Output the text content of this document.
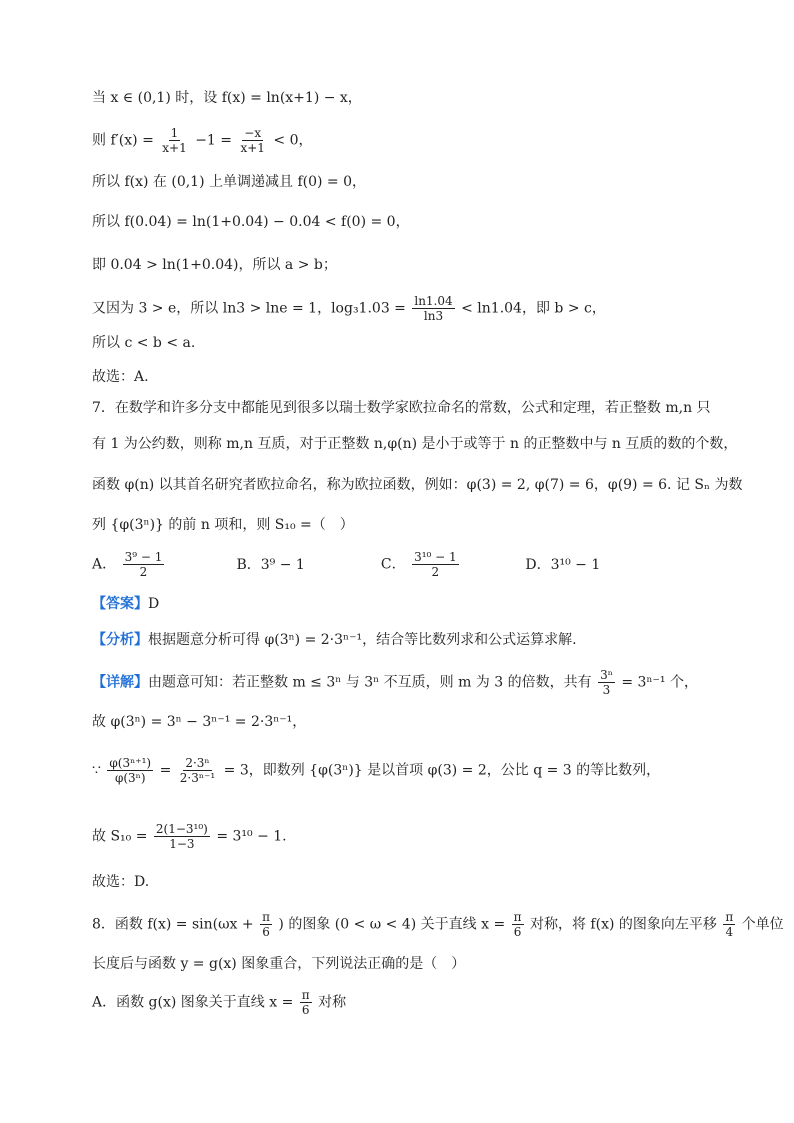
当 x ∈ (0,1) 时，设 f(x) = ln(x+1) − x，
则 $f'(x) = \frac{1}{x+1} -1 = \frac{-x}{x+1} < 0$，
所以 f(x) 在 (0,1) 上单调递减且 f(0) = 0，
所以 f(0.04) = ln(1+0.04) − 0.04 < f(0) = 0，
即 0.04 > ln(1+0.04)，所以 a > b；
又因为 3 > e，所以 ln3 > lne = 1，$\log_31.03 = \frac{\ln 1.04}{\ln 3} < \ln 1.04$，即 b > c，
所以 c < b < a.
故选：A.
7．在数学和许多分支中都能见到很多以瑞士数学家欧拉命名的常数，公式和定理，若正整数 m,n 只
有 1 为公约数，则称 m,n 互质，对于正整数 n,φ(n) 是小于或等于 n 的正整数中与 n 互质的数的个数，
函数 φ(n) 以其首名研究者欧拉命名，称为欧拉函数，例如：φ(3) = 2, φ(7) = 6，φ(9) = 6. 记 Sₙ 为数
列 {φ(3ⁿ)} 的前 n 项和，则 S₁₀ =（　）
A． $\frac{\text{3⁹ − 1}}{2}$	B．3⁹ − 1	C． $\frac{\text{3¹⁰ − 1}}{2}$	D．3¹⁰ − 1
【答案】D
【分析】根据题意分析可得 φ(3ⁿ) = 2·3ⁿ⁻¹，结合等比数列求和公式运算求解.
【详解】由题意可知：若正整数 m ≤ 3ⁿ 与 3ⁿ 不互质，则 m 为 3 的倍数，共有 $\frac{\text{3ⁿ}}{3} = 3^{n-1}$ 个，
故 φ(3ⁿ) = 3ⁿ − 3ⁿ⁻¹ = 2·3ⁿ⁻¹，
∵ $\frac{\text{φ(3ⁿ⁺¹)}}{\text{φ(3ⁿ)}} = \frac{\text{2·3ⁿ}}{\text{2·3ⁿ⁻¹}} = 3$，即数列 {φ(3ⁿ)} 是以首项 φ(3) = 2，公比 q = 3 的等比数列，
故 $S_{10} = \frac{\text{2(1−3¹⁰)}}{1-3} = 3^{10} - 1$.
故选：D.
8．函数 $f(x) = \sin(\omega x + \frac{\pi}{6}$ ) 的图象 (0 < ω < 4) 关于直线 $x = \frac{\pi}{6}$ 对称，将 f(x) 的图象向左平移 $\frac{\pi}{4}$ 个单位
长度后与函数 y = g(x) 图象重合，下列说法正确的是（　）
A．函数 g(x) 图象关于直线 $x = \frac{\pi}{6}$ 对称
